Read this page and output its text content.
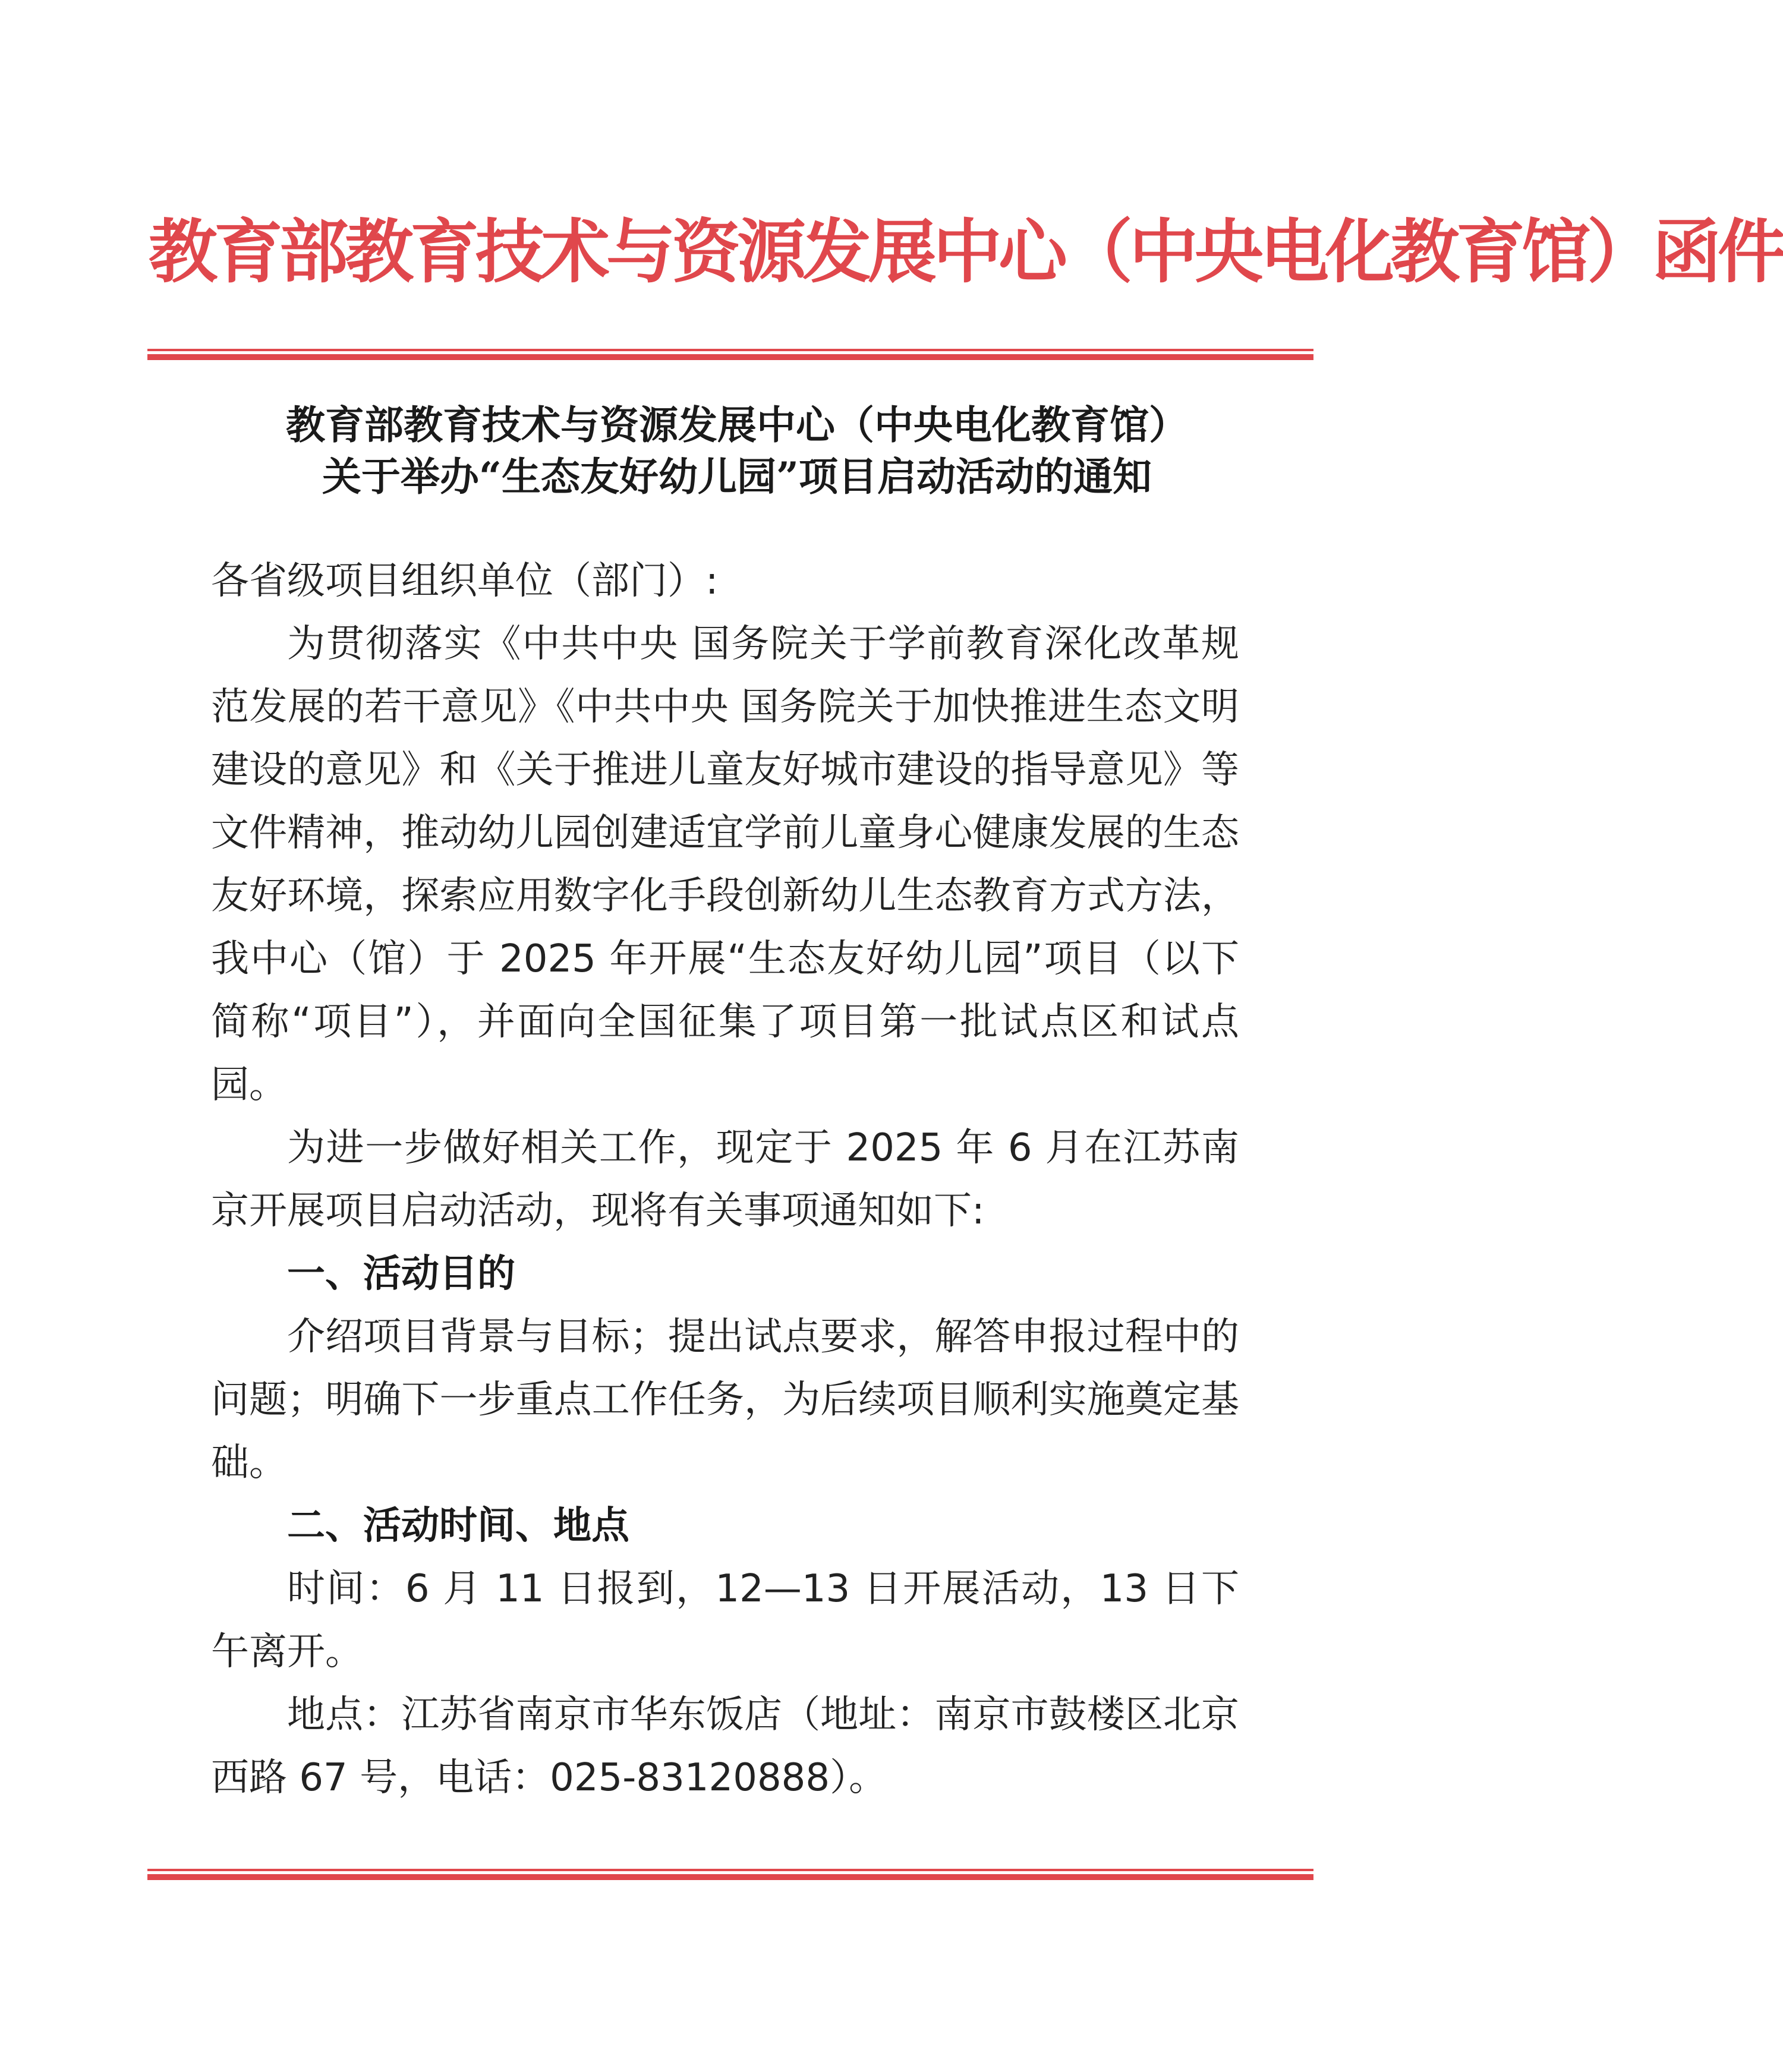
教育部教育技术与资源发展中心（中央电化教育馆）函件
教育部教育技术与资源发展中心（中央电化教育馆）
关于举办“生态友好幼儿园”项目启动活动的通知

各省级项目组织单位（部门）:

为贯彻落实《中共中央 国务院关于学前教育深化改革规范发展的若干意见》《中共中央 国务院关于加快推进生态文明建设的意见》和《关于推进儿童友好城市建设的指导意见》等文件精神，推动幼儿园创建适宜学前儿童身心健康发展的生态友好环境，探索应用数字化手段创新幼儿生态教育方式方法，我中心（馆）于 2025 年开展“生态友好幼儿园”项目（以下简称“项目”），并面向全国征集了项目第一批试点区和试点园。

为进一步做好相关工作，现定于 2025 年 6 月在江苏南京开展项目启动活动，现将有关事项通知如下:

一、活动目的

介绍项目背景与目标；提出试点要求，解答申报过程中的问题；明确下一步重点工作任务，为后续项目顺利实施奠定基础。

二、活动时间、地点

时间：6 月 11 日报到，12—13 日开展活动，13 日下午离开。

地点：江苏省南京市华东饭店（地址：南京市鼓楼区北京西路 67 号，电话：025-83120888）。
